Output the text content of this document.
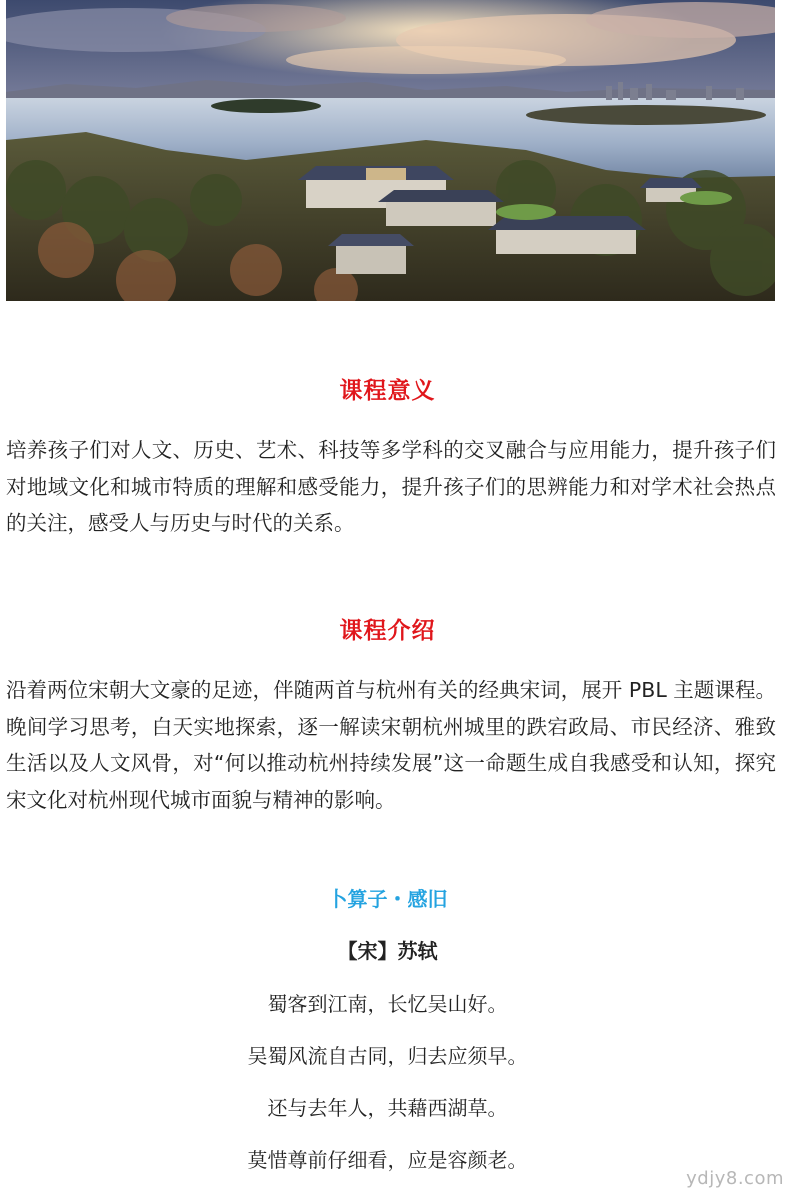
课程意义

培养孩子们对人文、历史、艺术、科技等多学科的交叉融合与应用能力，提升孩子们对地域文化和城市特质的理解和感受能力，提升孩子们的思辨能力和对学术社会热点的关注，感受人与历史与时代的关系。

课程介绍

沿着两位宋朝大文豪的足迹，伴随两首与杭州有关的经典宋词，展开 PBL 主题课程。晚间学习思考，白天实地探索，逐一解读宋朝杭州城里的跌宕政局、市民经济、雅致生活以及人文风骨，对“何以推动杭州持续发展”这一命题生成自我感受和认知，探究宋文化对杭州现代城市面貌与精神的影响。

卜算子・感旧
【宋】苏轼
蜀客到江南，长忆吴山好。
吴蜀风流自古同，归去应须早。
还与去年人，共藉西湖草。
莫惜尊前仔细看，应是容颜老。
ydjy8.com
